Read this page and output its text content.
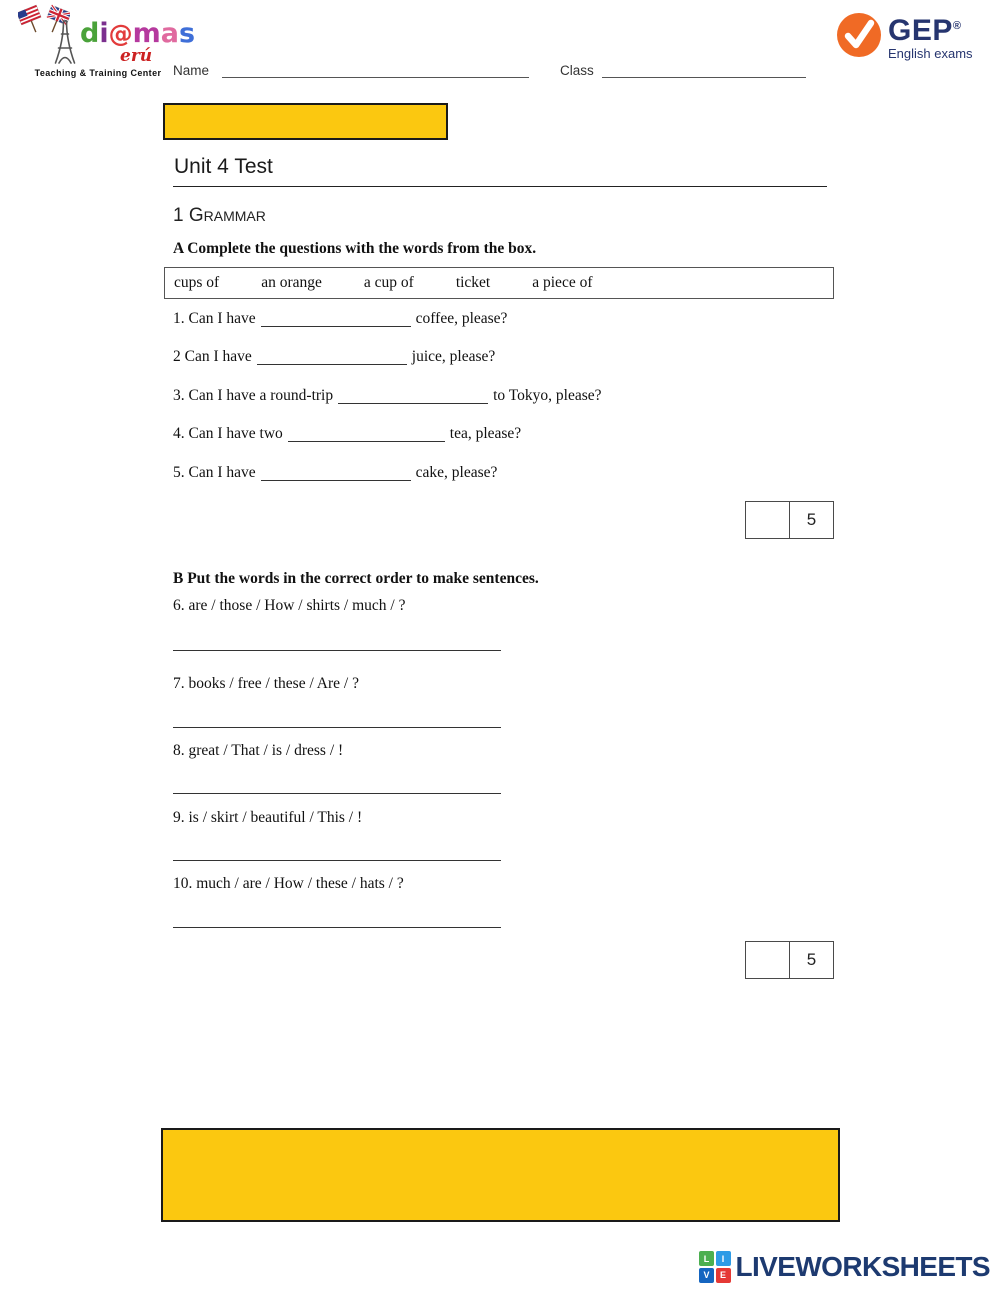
di@mas
erú
Teaching & Training Center
GEP®
English exams
Name	Class
Unit 4 Test
1 GRAMMAR
A Complete the questions with the words from the box.
cups of	an orange	a cup of	ticket	a piece of
1. Can I have	coffee, please?
2 Can I have	juice, please?
3. Can I have a round-trip	to Tokyo, please?
4. Can I have two	tea, please?
5. Can I have	cake, please?
5
B Put the words in the correct order to make sentences.
6. are / those / How / shirts / much / ?
7. books / free / these / Are / ?
8. great / That / is / dress / !
9. is / skirt / beautiful / This / !
10. much / are / How / these / hats / ?
5
L	I
V	E LIVEWORKSHEETS
